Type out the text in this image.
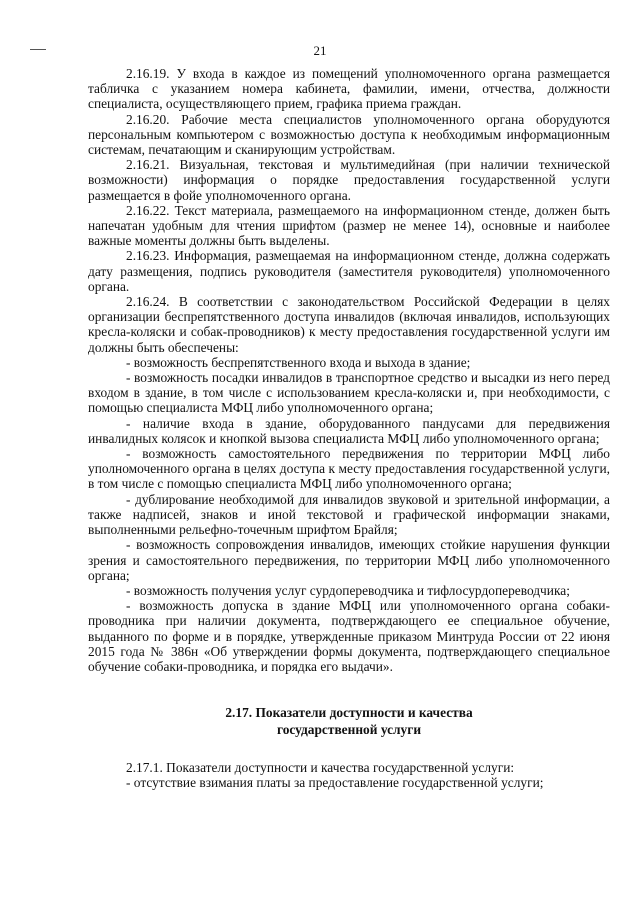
21

2.16.19. У входа в каждое из помещений уполномоченного органа размещается табличка с указанием номера кабинета, фамилии, имени, отчества, должности специалиста, осуществляющего прием, графика приема граждан.

2.16.20. Рабочие места специалистов уполномоченного органа оборудуются персональным компьютером с возможностью доступа к необходимым информационным системам, печатающим и сканирующим устройствам.

2.16.21. Визуальная, текстовая и мультимедийная (при наличии технической возможности) информация о порядке предоставления государственной услуги размещается в фойе уполномоченного органа.

2.16.22. Текст материала, размещаемого на информационном стенде, должен быть напечатан удобным для чтения шрифтом (размер не менее 14), основные и наиболее важные моменты должны быть выделены.

2.16.23. Информация, размещаемая на информационном стенде, должна содержать дату размещения, подпись руководителя (заместителя руководителя) уполномоченного органа.

2.16.24. В соответствии с законодательством Российской Федерации в целях организации беспрепятственного доступа инвалидов (включая инвалидов, использующих кресла-коляски и собак-проводников) к месту предоставления государственной услуги им должны быть обеспечены:

- возможность беспрепятственного входа и выхода в здание;

- возможность посадки инвалидов в транспортное средство и высадки из него перед входом в здание, в том числе с использованием кресла-коляски и, при необходимости, с помощью специалиста МФЦ либо уполномоченного органа;

- наличие входа в здание, оборудованного пандусами для передвижения инвалидных колясок и кнопкой вызова специалиста МФЦ либо уполномоченного органа;

- возможность самостоятельного передвижения по территории МФЦ либо уполномоченного органа в целях доступа к месту предоставления государственной услуги, в том числе с помощью специалиста МФЦ либо уполномоченного органа;

- дублирование необходимой для инвалидов звуковой и зрительной информации, а также надписей, знаков и иной текстовой и графической информации знаками, выполненными рельефно-точечным шрифтом Брайля;

- возможность сопровождения инвалидов, имеющих стойкие нарушения функции зрения и самостоятельного передвижения, по территории МФЦ либо уполномоченного органа;

- возможность получения услуг сурдопереводчика и тифлосурдопереводчика;

- возможность допуска в здание МФЦ или уполномоченного органа собаки-проводника при наличии документа, подтверждающего ее специальное обучение, выданного по форме и в порядке, утвержденные приказом Минтруда России от 22 июня 2015 года № 386н «Об утверждении формы документа, подтверждающего специальное обучение собаки-проводника, и порядка его выдачи».

2.17. Показатели доступности и качества
государственной услуги

2.17.1. Показатели доступности и качества государственной услуги:

- отсутствие взимания платы за предоставление государственной услуги;
